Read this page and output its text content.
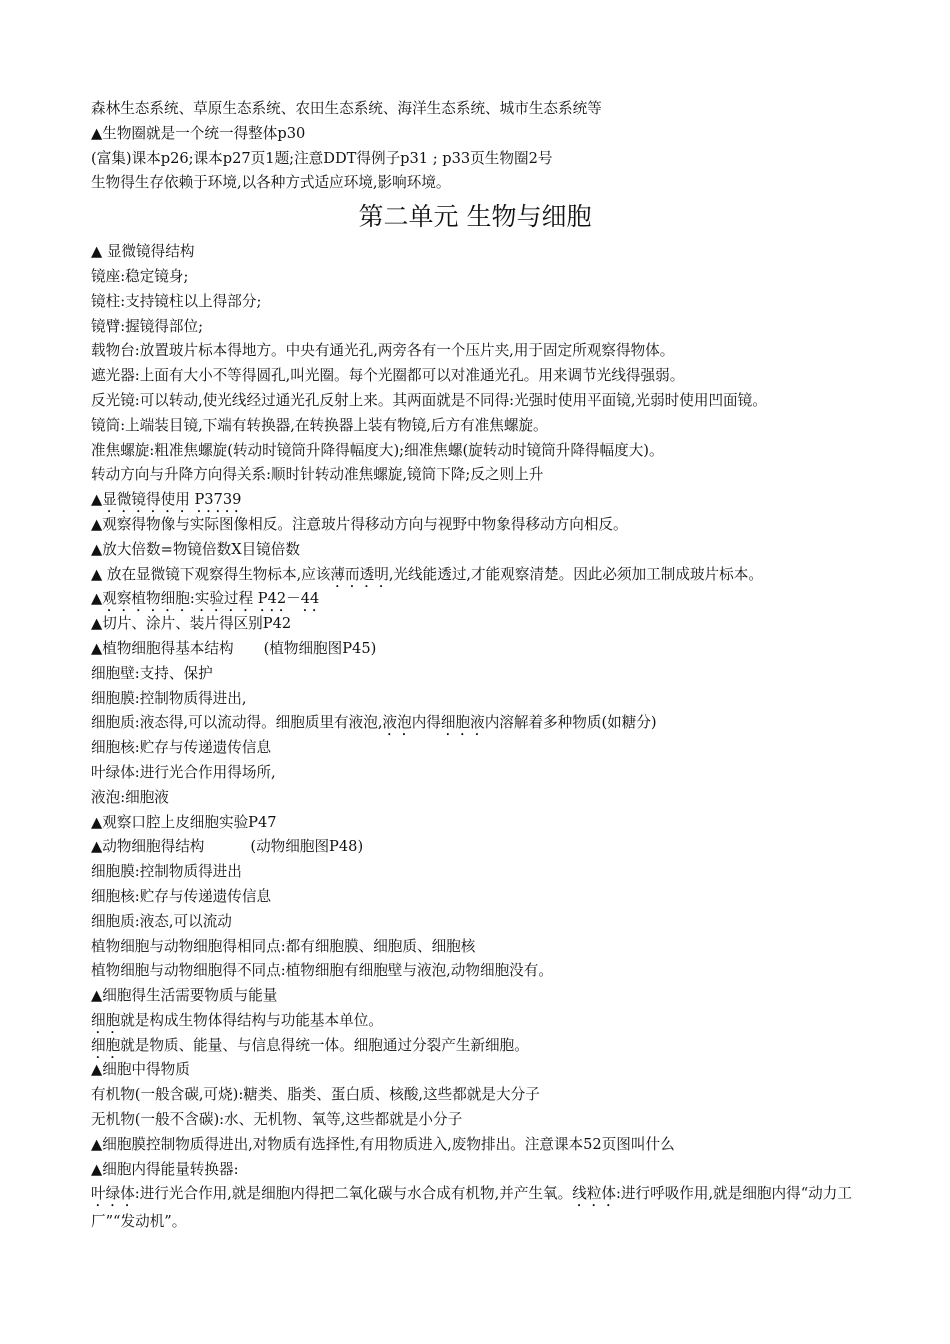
森林生态系统、草原生态系统、农田生态系统、海洋生态系统、城市生态系统等
▲生物圈就是一个统一得整体p30
(富集)课本p26;课本p27页1题;注意DDT得例子p31 ; p33页生物圈2号
生物得生存依赖于环境,以各种方式适应环境,影响环境。
第二单元 生物与细胞
▲ 显微镜得结构
镜座:稳定镜身;
镜柱:支持镜柱以上得部分;
镜臂:握镜得部位;
载物台:放置玻片标本得地方。中央有通光孔,两旁各有一个压片夹,用于固定所观察得物体。
遮光器:上面有大小不等得圆孔,叫光圈。每个光圈都可以对准通光孔。用来调节光线得强弱。
反光镜:可以转动,使光线经过通光孔反射上来。其两面就是不同得:光强时使用平面镜,光弱时使用凹面镜。
镜筒:上端装目镜,下端有转换器,在转换器上装有物镜,后方有准焦螺旋。
准焦螺旋:粗准焦螺旋(转动时镜筒升降得幅度大);细准焦螺(旋转动时镜筒升降得幅度大)。
转动方向与升降方向得关系:顺时针转动准焦螺旋,镜筒下降;反之则上升
▲显微镜得使用 P3739
▲观察得物像与实际图像相反。注意玻片得移动方向与视野中物象得移动方向相反。
▲放大倍数=物镜倍数X目镜倍数
▲ 放在显微镜下观察得生物标本,应该薄而透明,光线能透过,才能观察清楚。因此必须加工制成玻片标本。
▲观察植物细胞:实验过程 P42－44
▲切片、涂片、装片得区别P42
▲植物细胞得基本结构 (植物细胞图P45)
细胞壁:支持、保护
细胞膜:控制物质得进出,
细胞质:液态得,可以流动得。细胞质里有液泡,液泡内得细胞液内溶解着多种物质(如糖分)
细胞核:贮存与传递遗传信息
叶绿体:进行光合作用得场所,
液泡:细胞液
▲观察口腔上皮细胞实验P47
▲动物细胞得结构	(动物细胞图P48)
细胞膜:控制物质得进出
细胞核:贮存与传递遗传信息
细胞质:液态,可以流动
植物细胞与动物细胞得相同点:都有细胞膜、细胞质、细胞核
植物细胞与动物细胞得不同点:植物细胞有细胞壁与液泡,动物细胞没有。
▲细胞得生活需要物质与能量
细胞就是构成生物体得结构与功能基本单位。
细胞就是物质、能量、与信息得统一体。细胞通过分裂产生新细胞。
▲细胞中得物质
有机物(一般含碳,可烧):糖类、脂类、蛋白质、核酸,这些都就是大分子
无机物(一般不含碳):水、无机物、氧等,这些都就是小分子
▲细胞膜控制物质得进出,对物质有选择性,有用物质进入,废物排出。注意课本52页图叫什么
▲细胞内得能量转换器:
叶绿体:进行光合作用,就是细胞内得把二氧化碳与水合成有机物,并产生氧。线粒体:进行呼吸作用,就是细胞内得“动力工厂”“发动机”。
